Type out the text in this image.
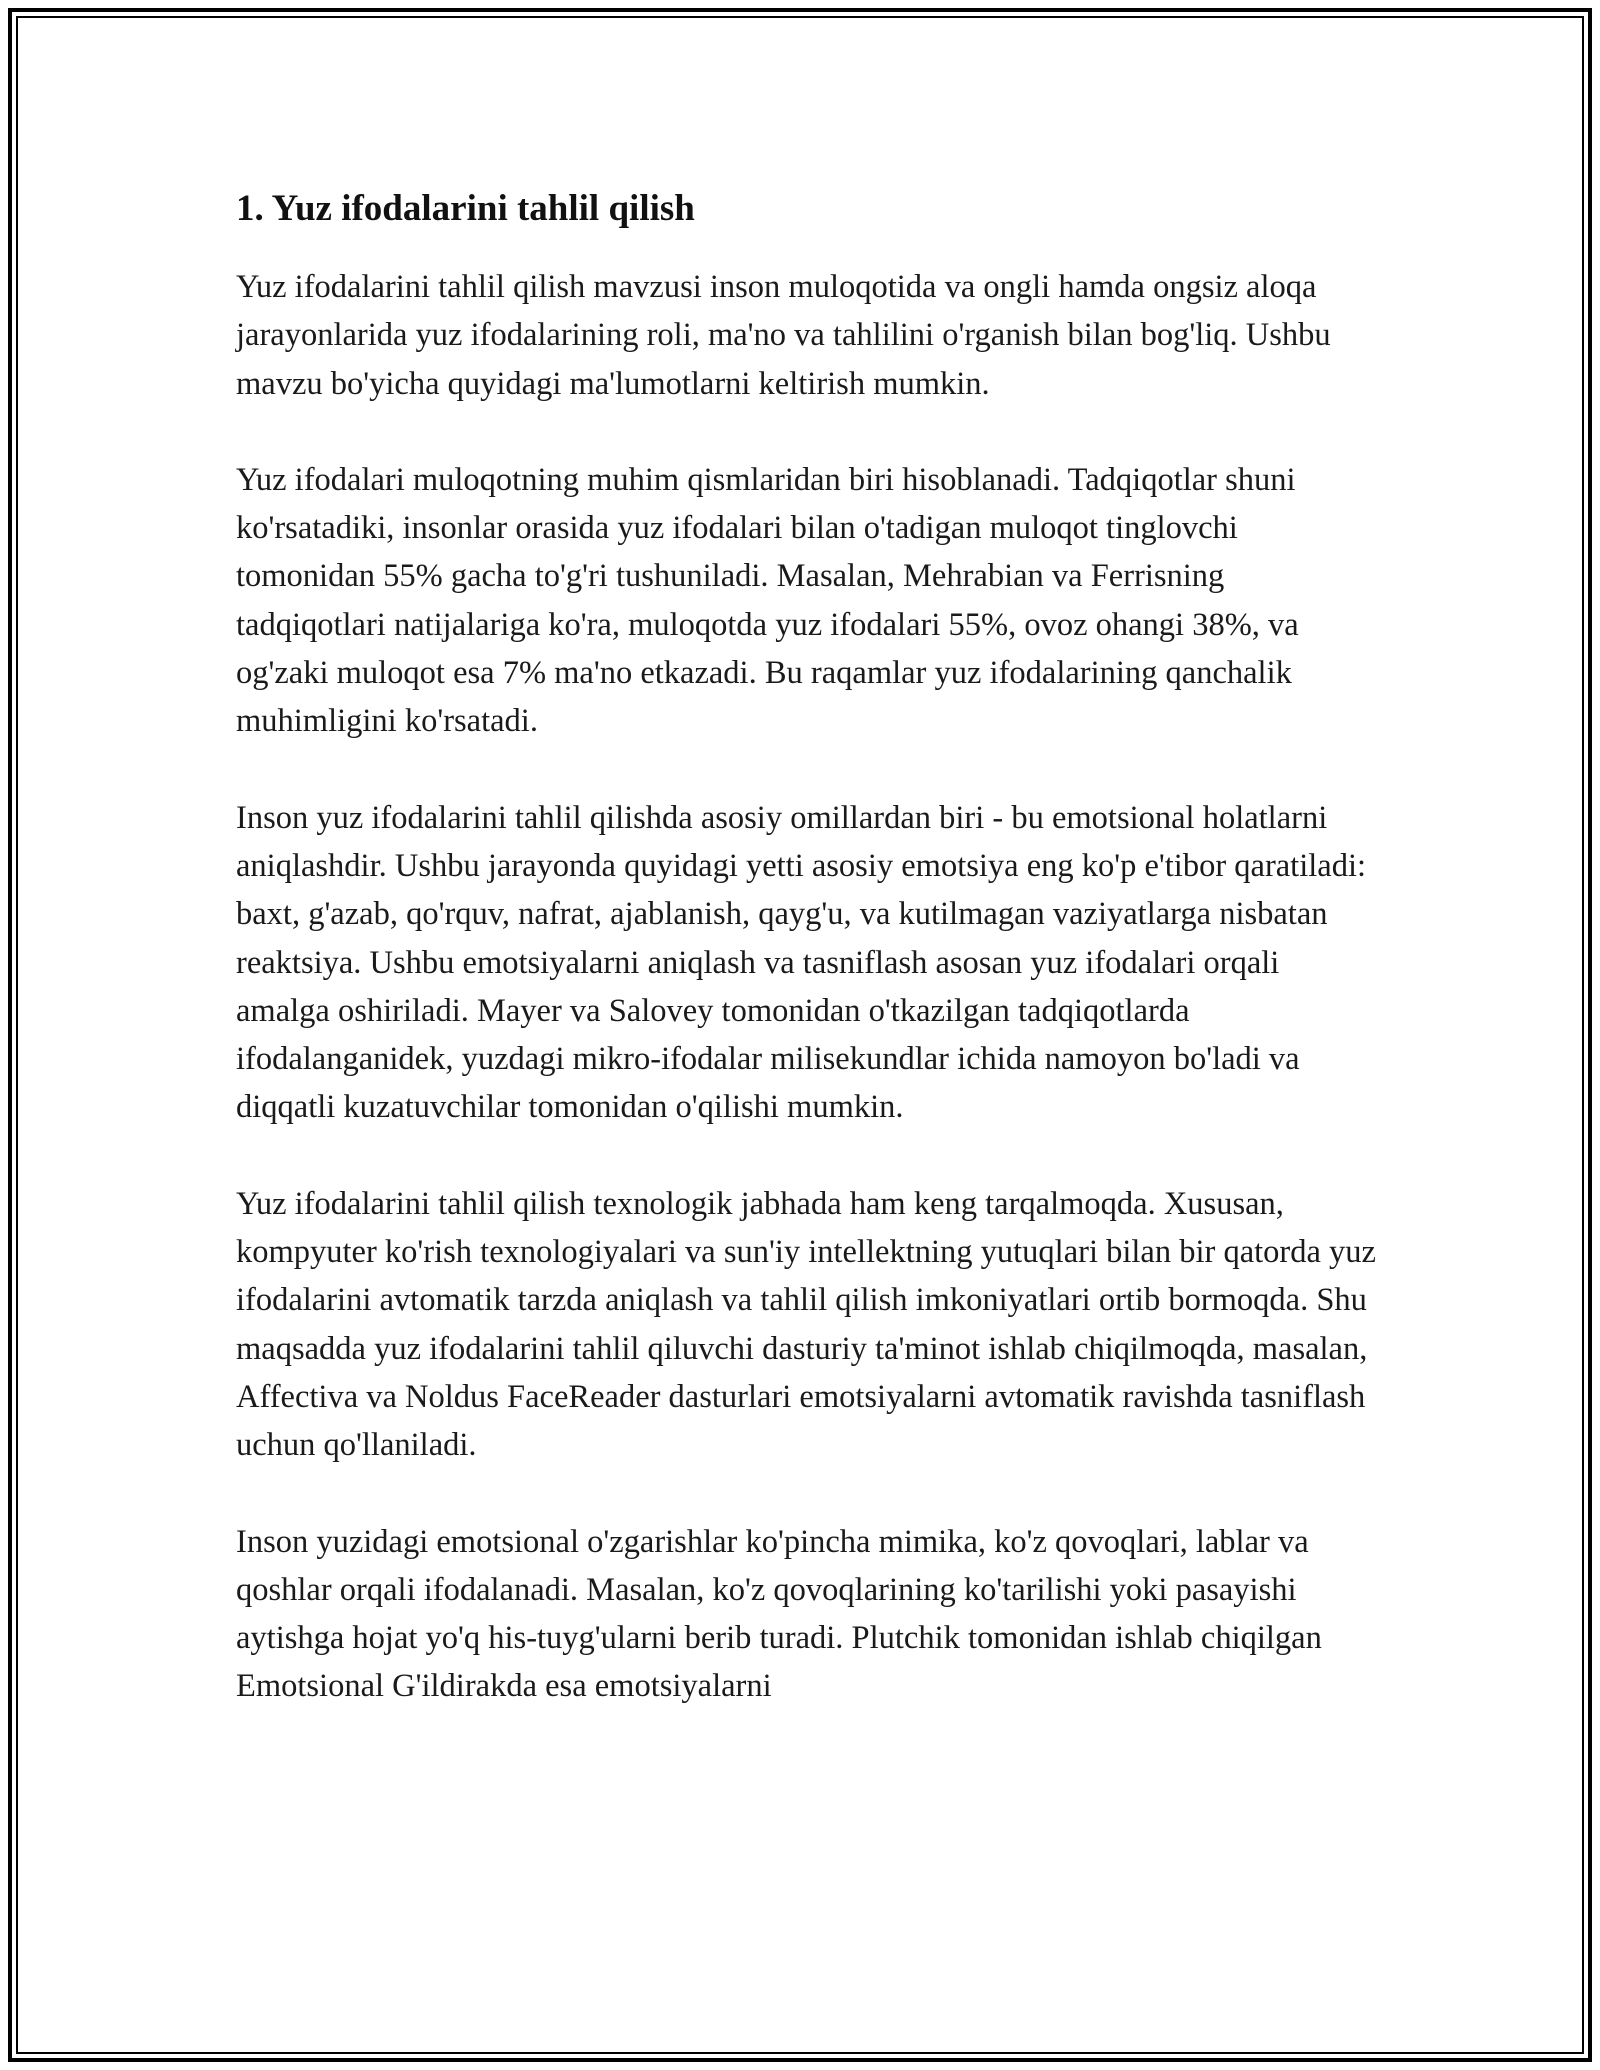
1. Yuz ifodalarini tahlil qilish

Yuz ifodalarini tahlil qilish mavzusi inson muloqotida va ongli hamda ongsiz aloqa jarayonlarida yuz ifodalarining roli, ma'no va tahlilini o'rganish bilan bog'liq. Ushbu mavzu bo'yicha quyidagi ma'lumotlarni keltirish mumkin.

Yuz ifodalari muloqotning muhim qismlaridan biri hisoblanadi. Tadqiqotlar shuni ko'rsatadiki, insonlar orasida yuz ifodalari bilan o'tadigan muloqot tinglovchi tomonidan 55% gacha to'g'ri tushuniladi. Masalan, Mehrabian va Ferrisning tadqiqotlari natijalariga ko'ra, muloqotda yuz ifodalari 55%, ovoz ohangi 38%, va og'zaki muloqot esa 7% ma'no etkazadi. Bu raqamlar yuz ifodalarining qanchalik muhimligini ko'rsatadi.

Inson yuz ifodalarini tahlil qilishda asosiy omillardan biri - bu emotsional holatlarni aniqlashdir. Ushbu jarayonda quyidagi yetti asosiy emotsiya eng ko'p e'tibor qaratiladi: baxt, g'azab, qo'rquv, nafrat, ajablanish, qayg'u, va kutilmagan vaziyatlarga nisbatan reaktsiya. Ushbu emotsiyalarni aniqlash va tasniflash asosan yuz ifodalari orqali amalga oshiriladi. Mayer va Salovey tomonidan o'tkazilgan tadqiqotlarda ifodalanganidek, yuzdagi mikro-ifodalar milisekundlar ichida namoyon bo'ladi va diqqatli kuzatuvchilar tomonidan o'qilishi mumkin.

Yuz ifodalarini tahlil qilish texnologik jabhada ham keng tarqalmoqda. Xususan, kompyuter ko'rish texnologiyalari va sun'iy intellektning yutuqlari bilan bir qatorda yuz ifodalarini avtomatik tarzda aniqlash va tahlil qilish imkoniyatlari ortib bormoqda. Shu maqsadda yuz ifodalarini tahlil qiluvchi dasturiy ta'minot ishlab chiqilmoqda, masalan, Affectiva va Noldus FaceReader dasturlari emotsiyalarni avtomatik ravishda tasniflash uchun qo'llaniladi.

Inson yuzidagi emotsional o'zgarishlar ko'pincha mimika, ko'z qovoqlari, lablar va qoshlar orqali ifodalanadi. Masalan, ko'z qovoqlarining ko'tarilishi yoki pasayishi aytishga hojat yo'q his-tuyg'ularni berib turadi. Plutchik tomonidan ishlab chiqilgan Emotsional G'ildirakda esa emotsiyalarni
